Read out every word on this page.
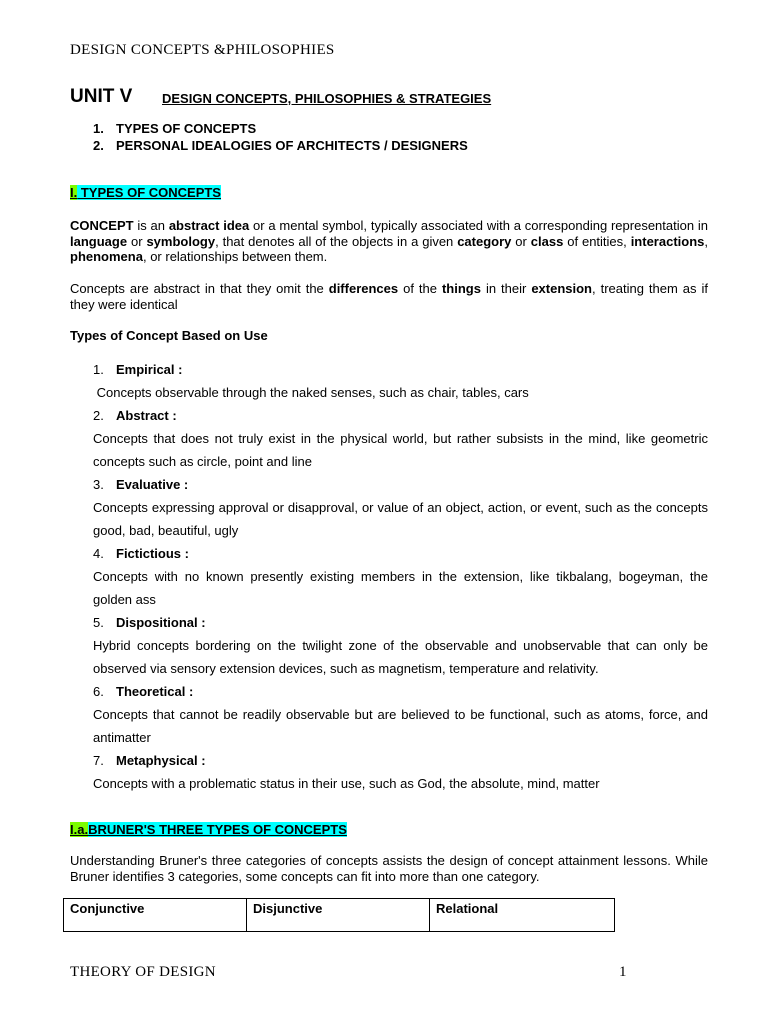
DESIGN CONCEPTS &PHILOSOPHIES
UNIT V DESIGN CONCEPTS, PHILOSOPHIES & STRATEGIES
1. TYPES OF CONCEPTS
2. PERSONAL IDEALOGIES OF ARCHITECTS / DESIGNERS
I. TYPES OF CONCEPTS
CONCEPT is an abstract idea or a mental symbol, typically associated with a corresponding representation in language or symbology, that denotes all of the objects in a given category or class of entities, interactions, phenomena, or relationships between them.
Concepts are abstract in that they omit the differences of the things in their extension, treating them as if they were identical
Types of Concept Based on Use
1. Empirical :
Concepts observable through the naked senses, such as chair, tables, cars
2. Abstract :
Concepts that does not truly exist in the physical world, but rather subsists in the mind, like geometric concepts such as circle, point and line
3. Evaluative :
Concepts expressing approval or disapproval, or value of an object, action, or event, such as the concepts good, bad, beautiful, ugly
4. Fictictious :
Concepts with no known presently existing members in the extension, like tikbalang, bogeyman, the golden ass
5. Dispositional :
Hybrid concepts bordering on the twilight zone of the observable and unobservable that can only be observed via sensory extension devices, such as magnetism, temperature and relativity.
6. Theoretical :
Concepts that cannot be readily observable but are believed to be functional, such as atoms, force, and antimatter
7. Metaphysical :
Concepts with a problematic status in their use, such as God, the absolute, mind, matter
I.a.BRUNER'S THREE TYPES OF CONCEPTS
Understanding Bruner's three categories of concepts assists the design of concept attainment lessons. While Bruner identifies 3 categories, some concepts can fit into more than one category.
Conjunctive	Disjunctive	Relational
THEORY OF DESIGN	1
